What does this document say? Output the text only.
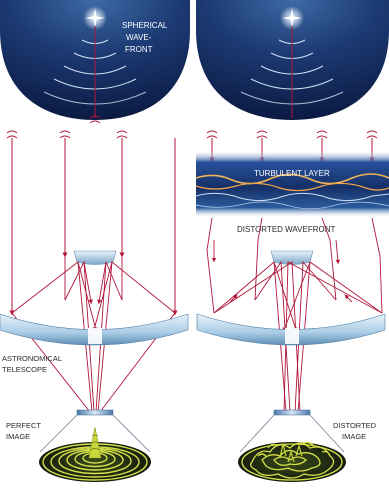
SPHERICAL
WAVE-
FRONT
ASTRONOMICAL
TELESCOPE
PERFECT
IMAGE
TURBULENT LAYER
DISTORTED WAVEFRONT
DISTORTED
IMAGE
